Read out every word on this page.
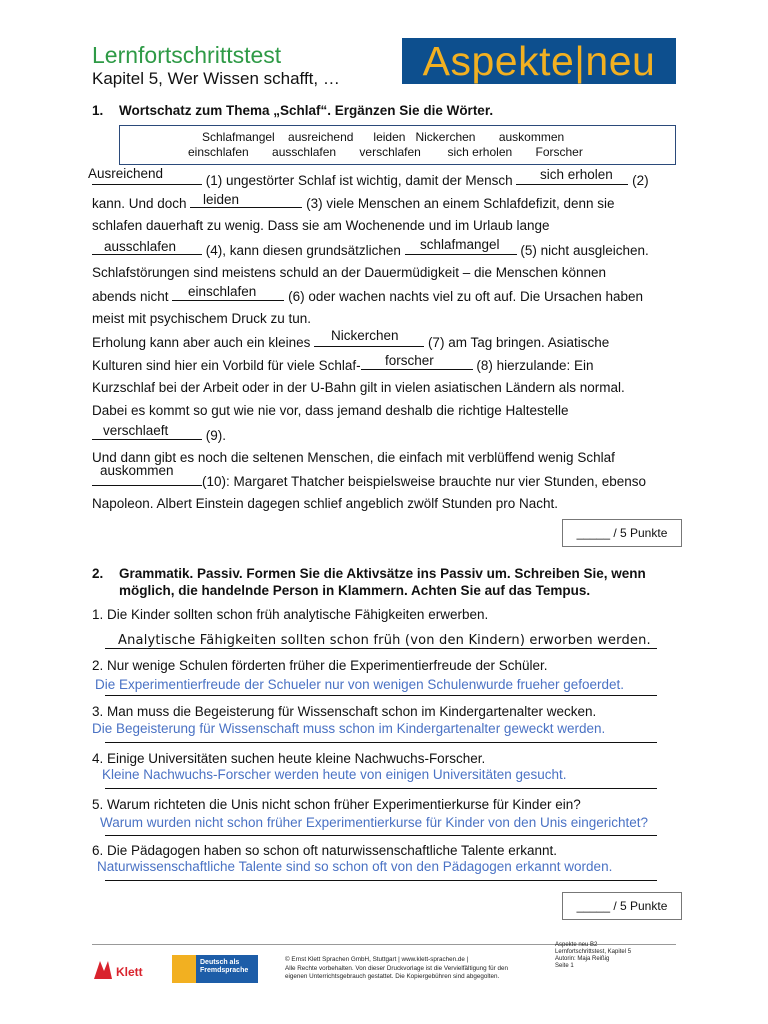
Lernfortschrittstest
Kapitel 5, Wer Wissen schafft, …	Aspekte|neu
1. Wortschatz zum Thema „Schlaf“. Ergänzen Sie die Wörter.
Schlafmangel    ausreichend      leiden   Nickerchen       auskommen
einschlafen       ausschlafen       verschlafen        sich erholen       Forscher
Ausreichend	sich erholen
leiden
ausschlafen	schlafmangel
einschlafen
Nickerchen
forscher
verschlaeft
auskommen
(1) ungestörter Schlaf ist wichtig, damit der Mensch	(2)
kann. Und doch	(3) viele Menschen an einem Schlafdefizit, denn sie
schlafen dauerhaft zu wenig. Dass sie am Wochenende und im Urlaub lange
(4), kann diesen grundsätzlichen	(5) nicht ausgleichen.
Schlafstörungen sind meistens schuld an der Dauermüdigkeit – die Menschen können
abends nicht	(6) oder wachen nachts viel zu oft auf. Die Ursachen haben
meist mit psychischem Druck zu tun.
Erholung kann aber auch ein kleines	(7) am Tag bringen. Asiatische
Kulturen sind hier ein Vorbild für viele Schlaf-	(8) hierzulande: Ein
Kurzschlaf bei der Arbeit oder in der U-Bahn gilt in vielen asiatischen Ländern als normal.
Dabei es kommt so gut wie nie vor, dass jemand deshalb die richtige Haltestelle
(9).
Und dann gibt es noch die seltenen Menschen, die einfach mit verblüffend wenig Schlaf
(10): Margaret Thatcher beispielsweise brauchte nur vier Stunden, ebenso
Napoleon. Albert Einstein dagegen schlief angeblich zwölf Stunden pro Nacht.
_____ / 5 Punkte
2. Grammatik. Passiv. Formen Sie die Aktivsätze ins Passiv um. Schreiben Sie, wenn
möglich, die handelnde Person in Klammern. Achten Sie auf das Tempus.
1. Die Kinder sollten schon früh analytische Fähigkeiten erwerben.
Analytische Fähigkeiten sollten schon früh (von den Kindern) erworben werden.
2. Nur wenige Schulen förderten früher die Experimentierfreude der Schüler.
Die Experimentierfreude der Schueler nur von wenigen Schulenwurde frueher gefoerdet.
3. Man muss die Begeisterung für Wissenschaft schon im Kindergartenalter wecken.
Die Begeisterung für Wissenschaft muss schon im Kindergartenalter geweckt werden.
4. Einige Universitäten suchen heute kleine Nachwuchs-Forscher.
Kleine Nachwuchs-Forscher werden heute von einigen Universitäten gesucht.
5. Warum richteten die Unis nicht schon früher Experimentierkurse für Kinder ein?
Warum wurden nicht schon früher Experimentierkurse für Kinder von den Unis eingerichtet?
6. Die Pädagogen haben so schon oft naturwissenschaftliche Talente erkannt.
Naturwissenschaftliche Talente sind so schon oft von den Pädagogen erkannt worden.
_____ / 5 Punkte
Klett
Deutsch als
Fremdsprache
© Ernst Klett Sprachen GmbH, Stuttgart | www.klett-sprachen.de |
Alle Rechte vorbehalten. Von dieser Druckvorlage ist die Vervielfältigung für den
eigenen Unterrichtsgebrauch gestattet. Die Kopiergebühren sind abgegolten.
Aspekte neu B2
Lernfortschrittstest, Kapitel 5
Autorin: Maja Reißig
Seite 1
